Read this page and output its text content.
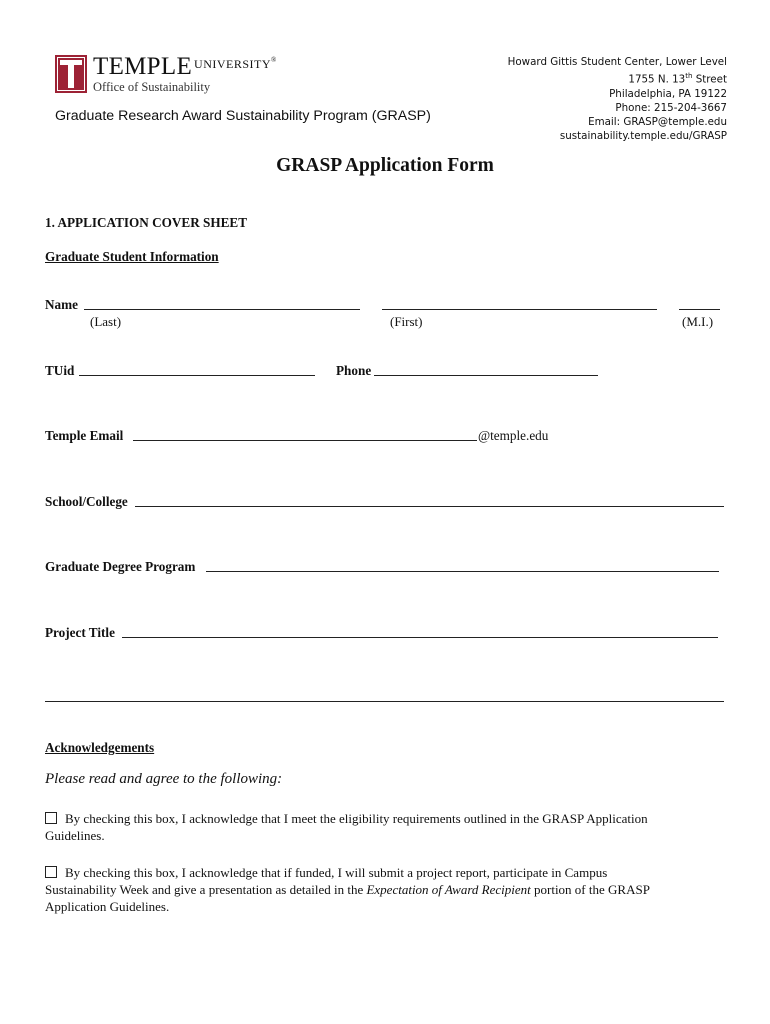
TEMPLE $^{UNIVERSITY®}$
Office of Sustainability
Graduate Research Award Sustainability Program (GRASP)
Howard Gittis Student Center, Lower Level
1755 N. 13th Street
Philadelphia, PA 19122
Phone: 215-204-3667
Email: GRASP@temple.edu
sustainability.temple.edu/GRASP
GRASP Application Form
1. APPLICATION COVER SHEET
Graduate Student Information
Name
(Last)	(First)	(M.I.)
TUid	Phone
Temple Email	@temple.edu
School/College
Graduate Degree Program
Project Title
Acknowledgements
Please read and agree to the following:
By checking this box, I acknowledge that I meet the eligibility requirements outlined in the GRASP Application
Guidelines.
By checking this box, I acknowledge that if funded, I will submit a project report, participate in Campus
Sustainability Week and give a presentation as detailed in the Expectation of Award Recipient portion of the GRASP
Application Guidelines.
